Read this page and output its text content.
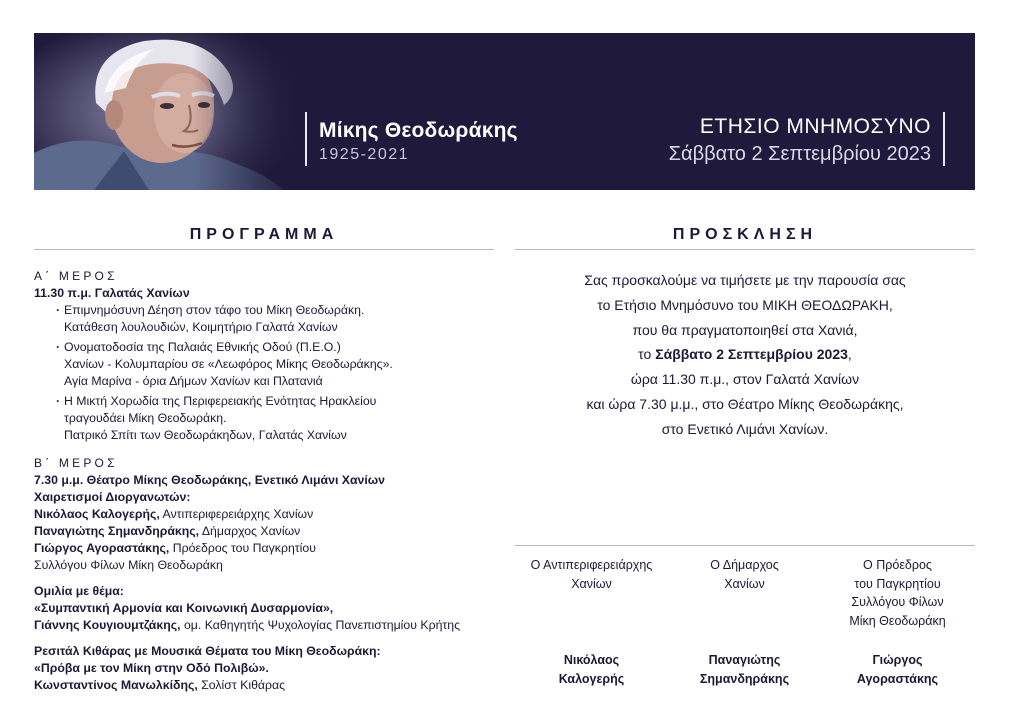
Μίκης Θεοδωράκης
1925-2021
ΕΤΗΣΙΟ ΜΝΗΜΟΣΥΝΟ
Σάββατο 2 Σεπτεμβρίου 2023
ΠΡΟΓΡΑΜΜΑ	ΠΡΟΣΚΛΗΣΗ
Α΄ ΜΕΡΟΣ
11.30 π.μ. Γαλατάς Χανίων
· Επιμνημόσυνη Δέηση στον τάφο του Μίκη Θεοδωράκη.
Κατάθεση λουλουδιών, Κοιμητήριο Γαλατά Χανίων
· Ονοματοδοσία της Παλαιάς Εθνικής Οδού (Π.Ε.Ο.)
Χανίων - Κολυμπαρίου σε «Λεωφόρος Μίκης Θεοδωράκης».
Αγία Μαρίνα - όρια Δήμων Χανίων και Πλατανιά
· Η Μικτή Χορωδία της Περιφερειακής Ενότητας Ηρακλείου
τραγουδάει Μίκη Θεοδωράκη.
Πατρικό Σπίτι των Θεοδωράκηδων, Γαλατάς Χανίων
Β΄ ΜΕΡΟΣ
7.30 μ.μ. Θέατρο Μίκης Θεοδωράκης, Ενετικό Λιμάνι Χανίων
Χαιρετισμοί Διοργανωτών:
Νικόλαος Καλογερής, Αντιπεριφερειάρχης Χανίων
Παναγιώτης Σημανδηράκης, Δήμαρχος Χανίων
Γιώργος Αγοραστάκης, Πρόεδρος του Παγκρητίου
Συλλόγου Φίλων Μίκη Θεοδωράκη
Ομιλία με θέμα:
«Συμπαντική Αρμονία και Κοινωνική Δυσαρμονία»,
Γιάννης Κουγιουμτζάκης, ομ. Καθηγητής Ψυχολογίας Πανεπιστημίου Κρήτης
Ρεσιτάλ Κιθάρας με Μουσικά Θέματα του Μίκη Θεοδωράκη:
«Πρόβα με τον Μίκη στην Οδό Πολιβώ».
Κωνσταντίνος Μανωλκίδης, Σολίστ Κιθάρας
Σας προσκαλούμε να τιμήσετε με την παρουσία σας
το Ετήσιο Μνημόσυνο του ΜΙΚΗ ΘΕΟΔΩΡΑΚΗ,
που θα πραγματοποιηθεί στα Χανιά,
το Σάββατο 2 Σεπτεμβρίου 2023,
ώρα 11.30 π.μ., στον Γαλατά Χανίων
και ώρα 7.30 μ.μ., στο Θέατρο Μίκης Θεοδωράκης,
στο Ενετικό Λιμάνι Χανίων.
Ο Αντιπεριφερειάρχης
Χανίων
Ο Δήμαρχος
Χανίων
Ο Πρόεδρος
του Παγκρητίου
Συλλόγου Φίλων
Μίκη Θεοδωράκη
Νικόλαος
Καλογερής
Παναγιώτης
Σημανδηράκης
Γιώργος
Αγοραστάκης
